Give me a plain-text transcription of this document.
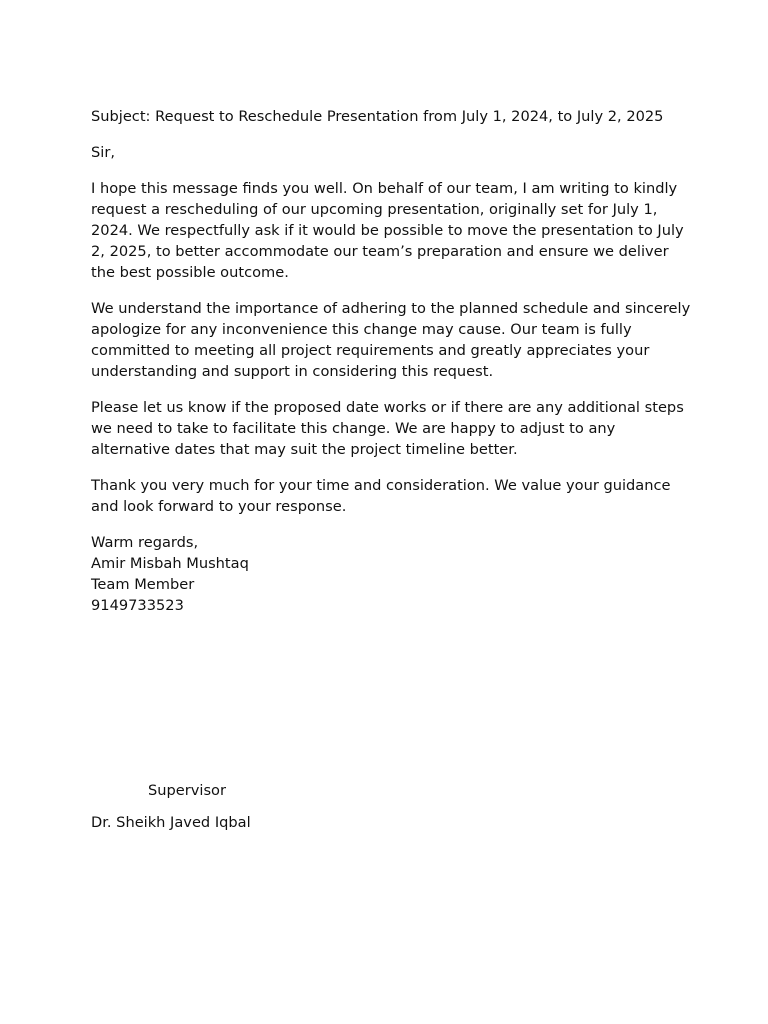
Subject: Request to Reschedule Presentation from July 1, 2024, to July 2, 2025

Sir,

I hope this message finds you well. On behalf of our team, I am writing to kindly request a rescheduling of our upcoming presentation, originally set for July 1, 2024. We respectfully ask if it would be possible to move the presentation to July 2, 2025, to better accommodate our team’s preparation and ensure we deliver the best possible outcome.

We understand the importance of adhering to the planned schedule and sincerely apologize for any inconvenience this change may cause. Our team is fully committed to meeting all project requirements and greatly appreciates your understanding and support in considering this request.

Please let us know if the proposed date works or if there are any additional steps we need to take to facilitate this change. We are happy to adjust to any alternative dates that may suit the project timeline better.

Thank you very much for your time and consideration. We value your guidance and look forward to your response.

Warm regards,
Amir Misbah Mushtaq
Team Member
9149733523

Supervisor

Dr. Sheikh Javed Iqbal
